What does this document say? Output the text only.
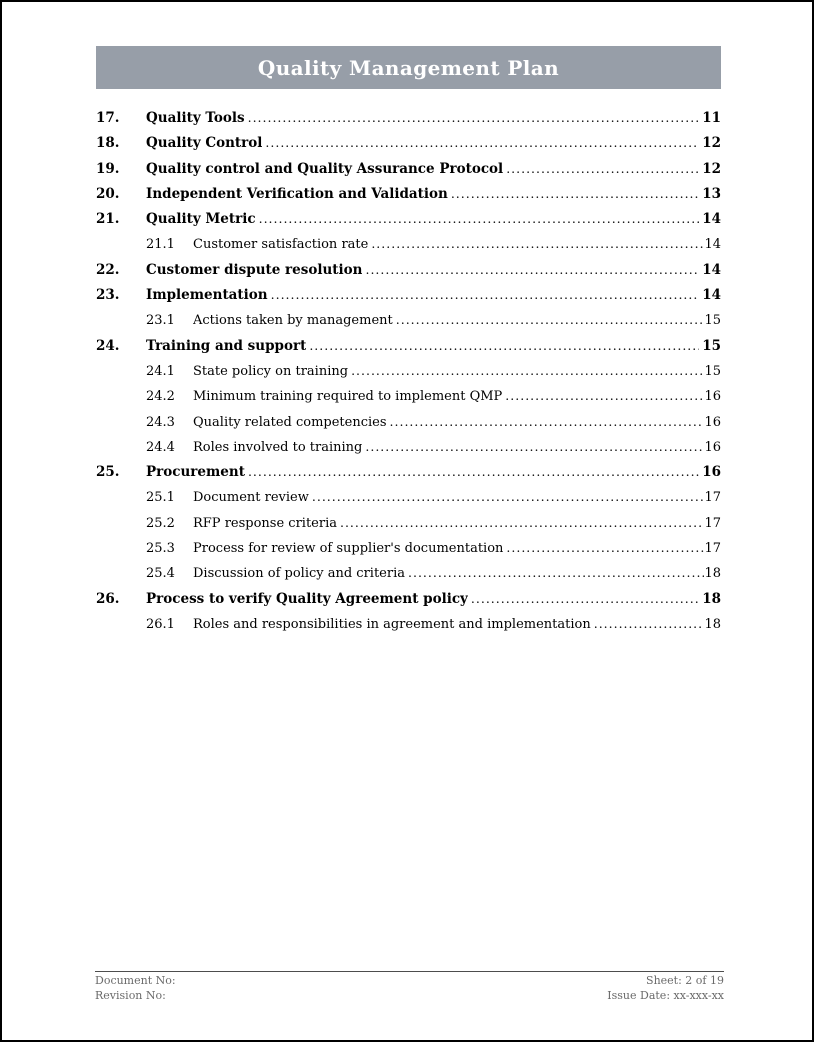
Quality Management Plan
17.	Quality Tools .....	11
18.	Quality Control .....	12
19.	Quality control and Quality Assurance Protocol .....	12
20.	Independent Verification and Validation .....	13
21.	Quality Metric .....	14
21.1	Customer satisfaction rate .....	14
22.	Customer dispute resolution .....	14
23.	Implementation .....	14
23.1	Actions taken by management .....	15
24.	Training and support .....	15
24.1	State policy on training .....	15
24.2	Minimum training required to implement QMP .....	16
24.3	Quality related competencies .....	16
24.4	Roles involved to training .....	16
25.	Procurement .....	16
25.1	Document review .....	17
25.2	RFP response criteria .....	17
25.3	Process for review of supplier's documentation .....	17
25.4	Discussion of policy and criteria .....	18
26.	Process to verify Quality Agreement policy .....	18
26.1	Roles and responsibilities in agreement and implementation .....	18
Document No:
Revision No:
Sheet: 2 of 19
Issue Date: xx-xxx-xx
